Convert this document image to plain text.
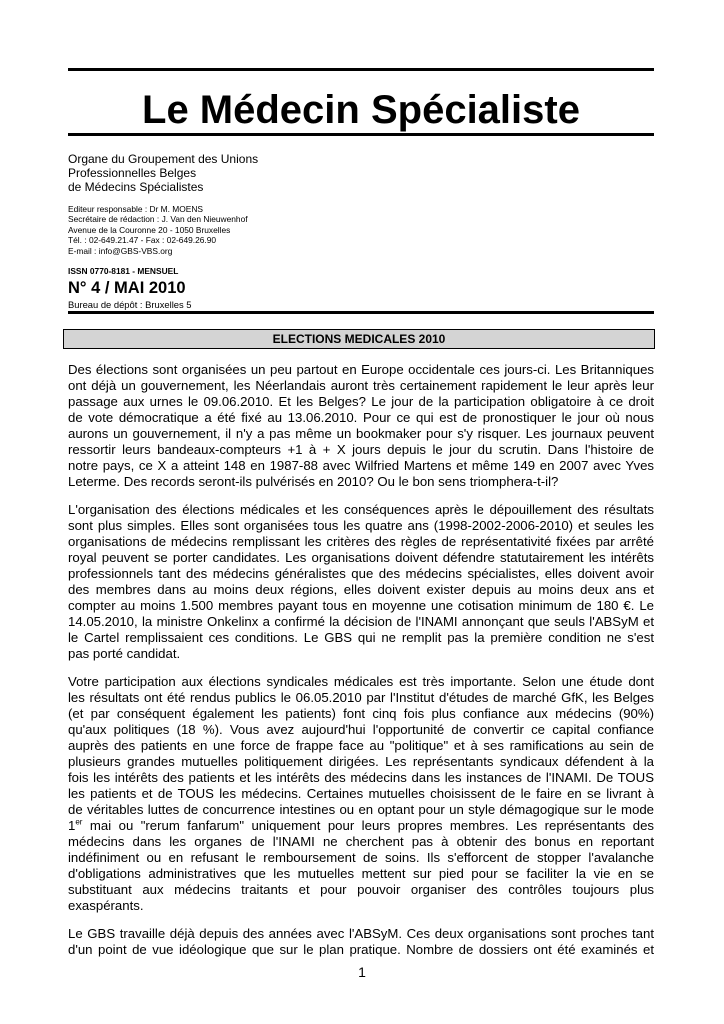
Le Médecin Spécialiste
Organe du Groupement des Unions
Professionnelles Belges
de Médecins Spécialistes
Editeur responsable : Dr M. MOENS
Secrétaire de rédaction : J. Van den Nieuwenhof
Avenue de la Couronne 20 - 1050 Bruxelles
Tél. : 02-649.21.47 - Fax : 02-649.26.90
E-mail : info@GBS-VBS.org
ISSN 0770-8181 - MENSUEL
N° 4 / MAI 2010
Bureau de dépôt : Bruxelles 5
ELECTIONS MEDICALES 2010
Des élections sont organisées un peu partout en Europe occidentale ces jours-ci. Les Britanniques
ont déjà un gouvernement, les Néerlandais auront très certainement rapidement le leur après leur
passage aux urnes le 09.06.2010. Et les Belges? Le jour de la participation obligatoire à ce droit
de vote démocratique a été fixé au 13.06.2010. Pour ce qui est de pronostiquer le jour où nous
aurons un gouvernement, il n'y a pas même un bookmaker pour s'y risquer. Les journaux peuvent
ressortir leurs bandeaux-compteurs +1 à + X jours depuis le jour du scrutin. Dans l'histoire de
notre pays, ce X a atteint 148 en 1987-88 avec Wilfried Martens et même 149 en 2007 avec Yves
Leterme. Des records seront-ils pulvérisés en 2010? Ou le bon sens triomphera-t-il?
L'organisation des élections médicales et les conséquences après le dépouillement des résultats
sont plus simples. Elles sont organisées tous les quatre ans (1998-2002-2006-2010) et seules les
organisations de médecins remplissant les critères des règles de représentativité fixées par arrêté
royal peuvent se porter candidates. Les organisations doivent défendre statutairement les intérêts
professionnels tant des médecins généralistes que des médecins spécialistes, elles doivent avoir
des membres dans au moins deux régions, elles doivent exister depuis au moins deux ans et
compter au moins 1.500 membres payant tous en moyenne une cotisation minimum de 180 €. Le
14.05.2010, la ministre Onkelinx a confirmé la décision de l'INAMI annonçant que seuls l'ABSyM et
le Cartel remplissaient ces conditions. Le GBS qui ne remplit pas la première condition ne s'est
pas porté candidat.
Votre participation aux élections syndicales médicales est très importante. Selon une étude dont
les résultats ont été rendus publics le 06.05.2010 par l'Institut d'études de marché GfK, les Belges
(et par conséquent également les patients) font cinq fois plus confiance aux médecins (90%)
qu'aux politiques (18 %). Vous avez aujourd'hui l'opportunité de convertir ce capital confiance
auprès des patients en une force de frappe face au "politique" et à ses ramifications au sein de
plusieurs grandes mutuelles politiquement dirigées. Les représentants syndicaux défendent à la
fois les intérêts des patients et les intérêts des médecins dans les instances de l'INAMI. De TOUS
les patients et de TOUS les médecins. Certaines mutuelles choisissent de le faire en se livrant à
de véritables luttes de concurrence intestines ou en optant pour un style démagogique sur le mode
1er mai ou "rerum fanfarum" uniquement pour leurs propres membres. Les représentants des
médecins dans les organes de l'INAMI ne cherchent pas à obtenir des bonus en reportant
indéfiniment ou en refusant le remboursement de soins. Ils s'efforcent de stopper l'avalanche
d'obligations administratives que les mutuelles mettent sur pied pour se faciliter la vie en se
substituant aux médecins traitants et pour pouvoir organiser des contrôles toujours plus
exaspérants.
Le GBS travaille déjà depuis des années avec l'ABSyM. Ces deux organisations sont proches tant
d'un point de vue idéologique que sur le plan pratique. Nombre de dossiers ont été examinés et
1
